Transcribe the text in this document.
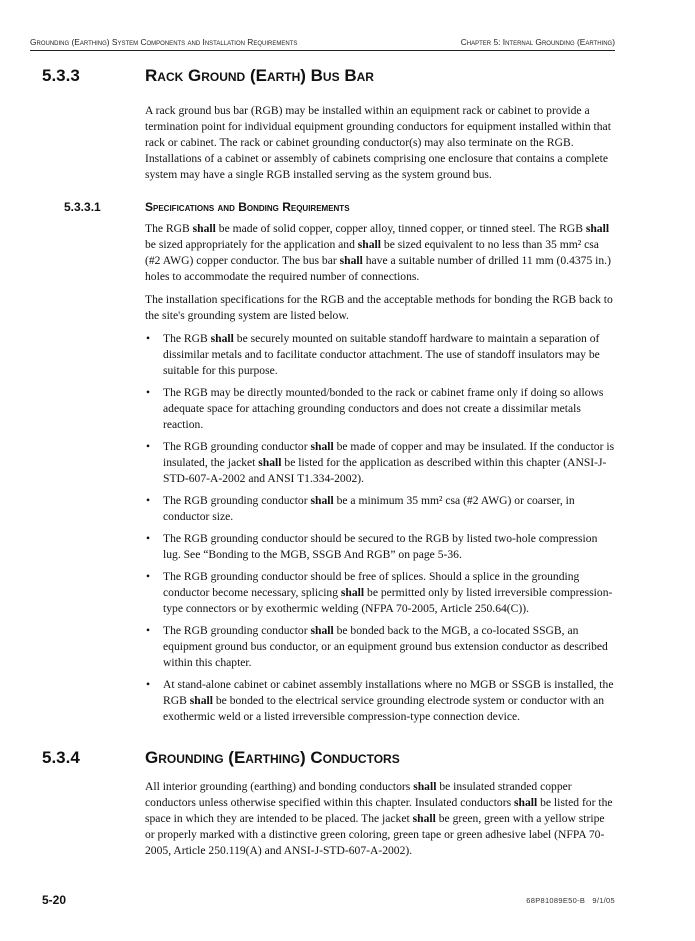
Grounding (Earthing) System Components and Installation Requirements	Chapter 5: Internal Grounding (Earthing)
5.3.3	Rack Ground (Earth) Bus Bar

A rack ground bus bar (RGB) may be installed within an equipment rack or cabinet to provide a termination point for individual equipment grounding conductors for equipment installed within that rack or cabinet. The rack or cabinet grounding conductor(s) may also terminate on the RGB. Installations of a cabinet or assembly of cabinets comprising one enclosure that contains a complete system may have a single RGB installed serving as the system ground bus.

5.3.3.1	Specifications and Bonding Requirements

The RGB shall be made of solid copper, copper alloy, tinned copper, or tinned steel. The RGB shall be sized appropriately for the application and shall be sized equivalent to no less than 35 mm² csa (#2 AWG) copper conductor. The bus bar shall have a suitable number of drilled 11 mm (0.4375 in.) holes to accommodate the required number of connections.

The installation specifications for the RGB and the acceptable methods for bonding the RGB back to the site's grounding system are listed below.

• The RGB shall be securely mounted on suitable standoff hardware to maintain a separation of dissimilar metals and to facilitate conductor attachment. The use of standoff insulators may be suitable for this purpose.
• The RGB may be directly mounted/bonded to the rack or cabinet frame only if doing so allows adequate space for attaching grounding conductors and does not create a dissimilar metals reaction.
• The RGB grounding conductor shall be made of copper and may be insulated. If the conductor is insulated, the jacket shall be listed for the application as described within this chapter (ANSI-J-STD-607-A-2002 and ANSI T1.334-2002).
• The RGB grounding conductor shall be a minimum 35 mm² csa (#2 AWG) or coarser, in conductor size.
• The RGB grounding conductor should be secured to the RGB by listed two-hole compression lug. See “Bonding to the MGB, SSGB And RGB” on page 5-36.
• The RGB grounding conductor should be free of splices. Should a splice in the grounding conductor become necessary, splicing shall be permitted only by listed irreversible compression-type connectors or by exothermic welding (NFPA 70-2005, Article 250.64(C)).
• The RGB grounding conductor shall be bonded back to the MGB, a co-located SSGB, an equipment ground bus conductor, or an equipment ground bus extension conductor as described within this chapter.
• At stand-alone cabinet or cabinet assembly installations where no MGB or SSGB is installed, the RGB shall be bonded to the electrical service grounding electrode system or conductor with an exothermic weld or a listed irreversible compression-type connection device.
5.3.4	Grounding (Earthing) Conductors

All interior grounding (earthing) and bonding conductors shall be insulated stranded copper conductors unless otherwise specified within this chapter. Insulated conductors shall be listed for the space in which they are intended to be placed. The jacket shall be green, green with a yellow stripe or properly marked with a distinctive green coloring, green tape or green adhesive label (NFPA 70-2005, Article 250.119(A) and ANSI-J-STD-607-A-2002).

5-20	68P81089E50-B   9/1/05
